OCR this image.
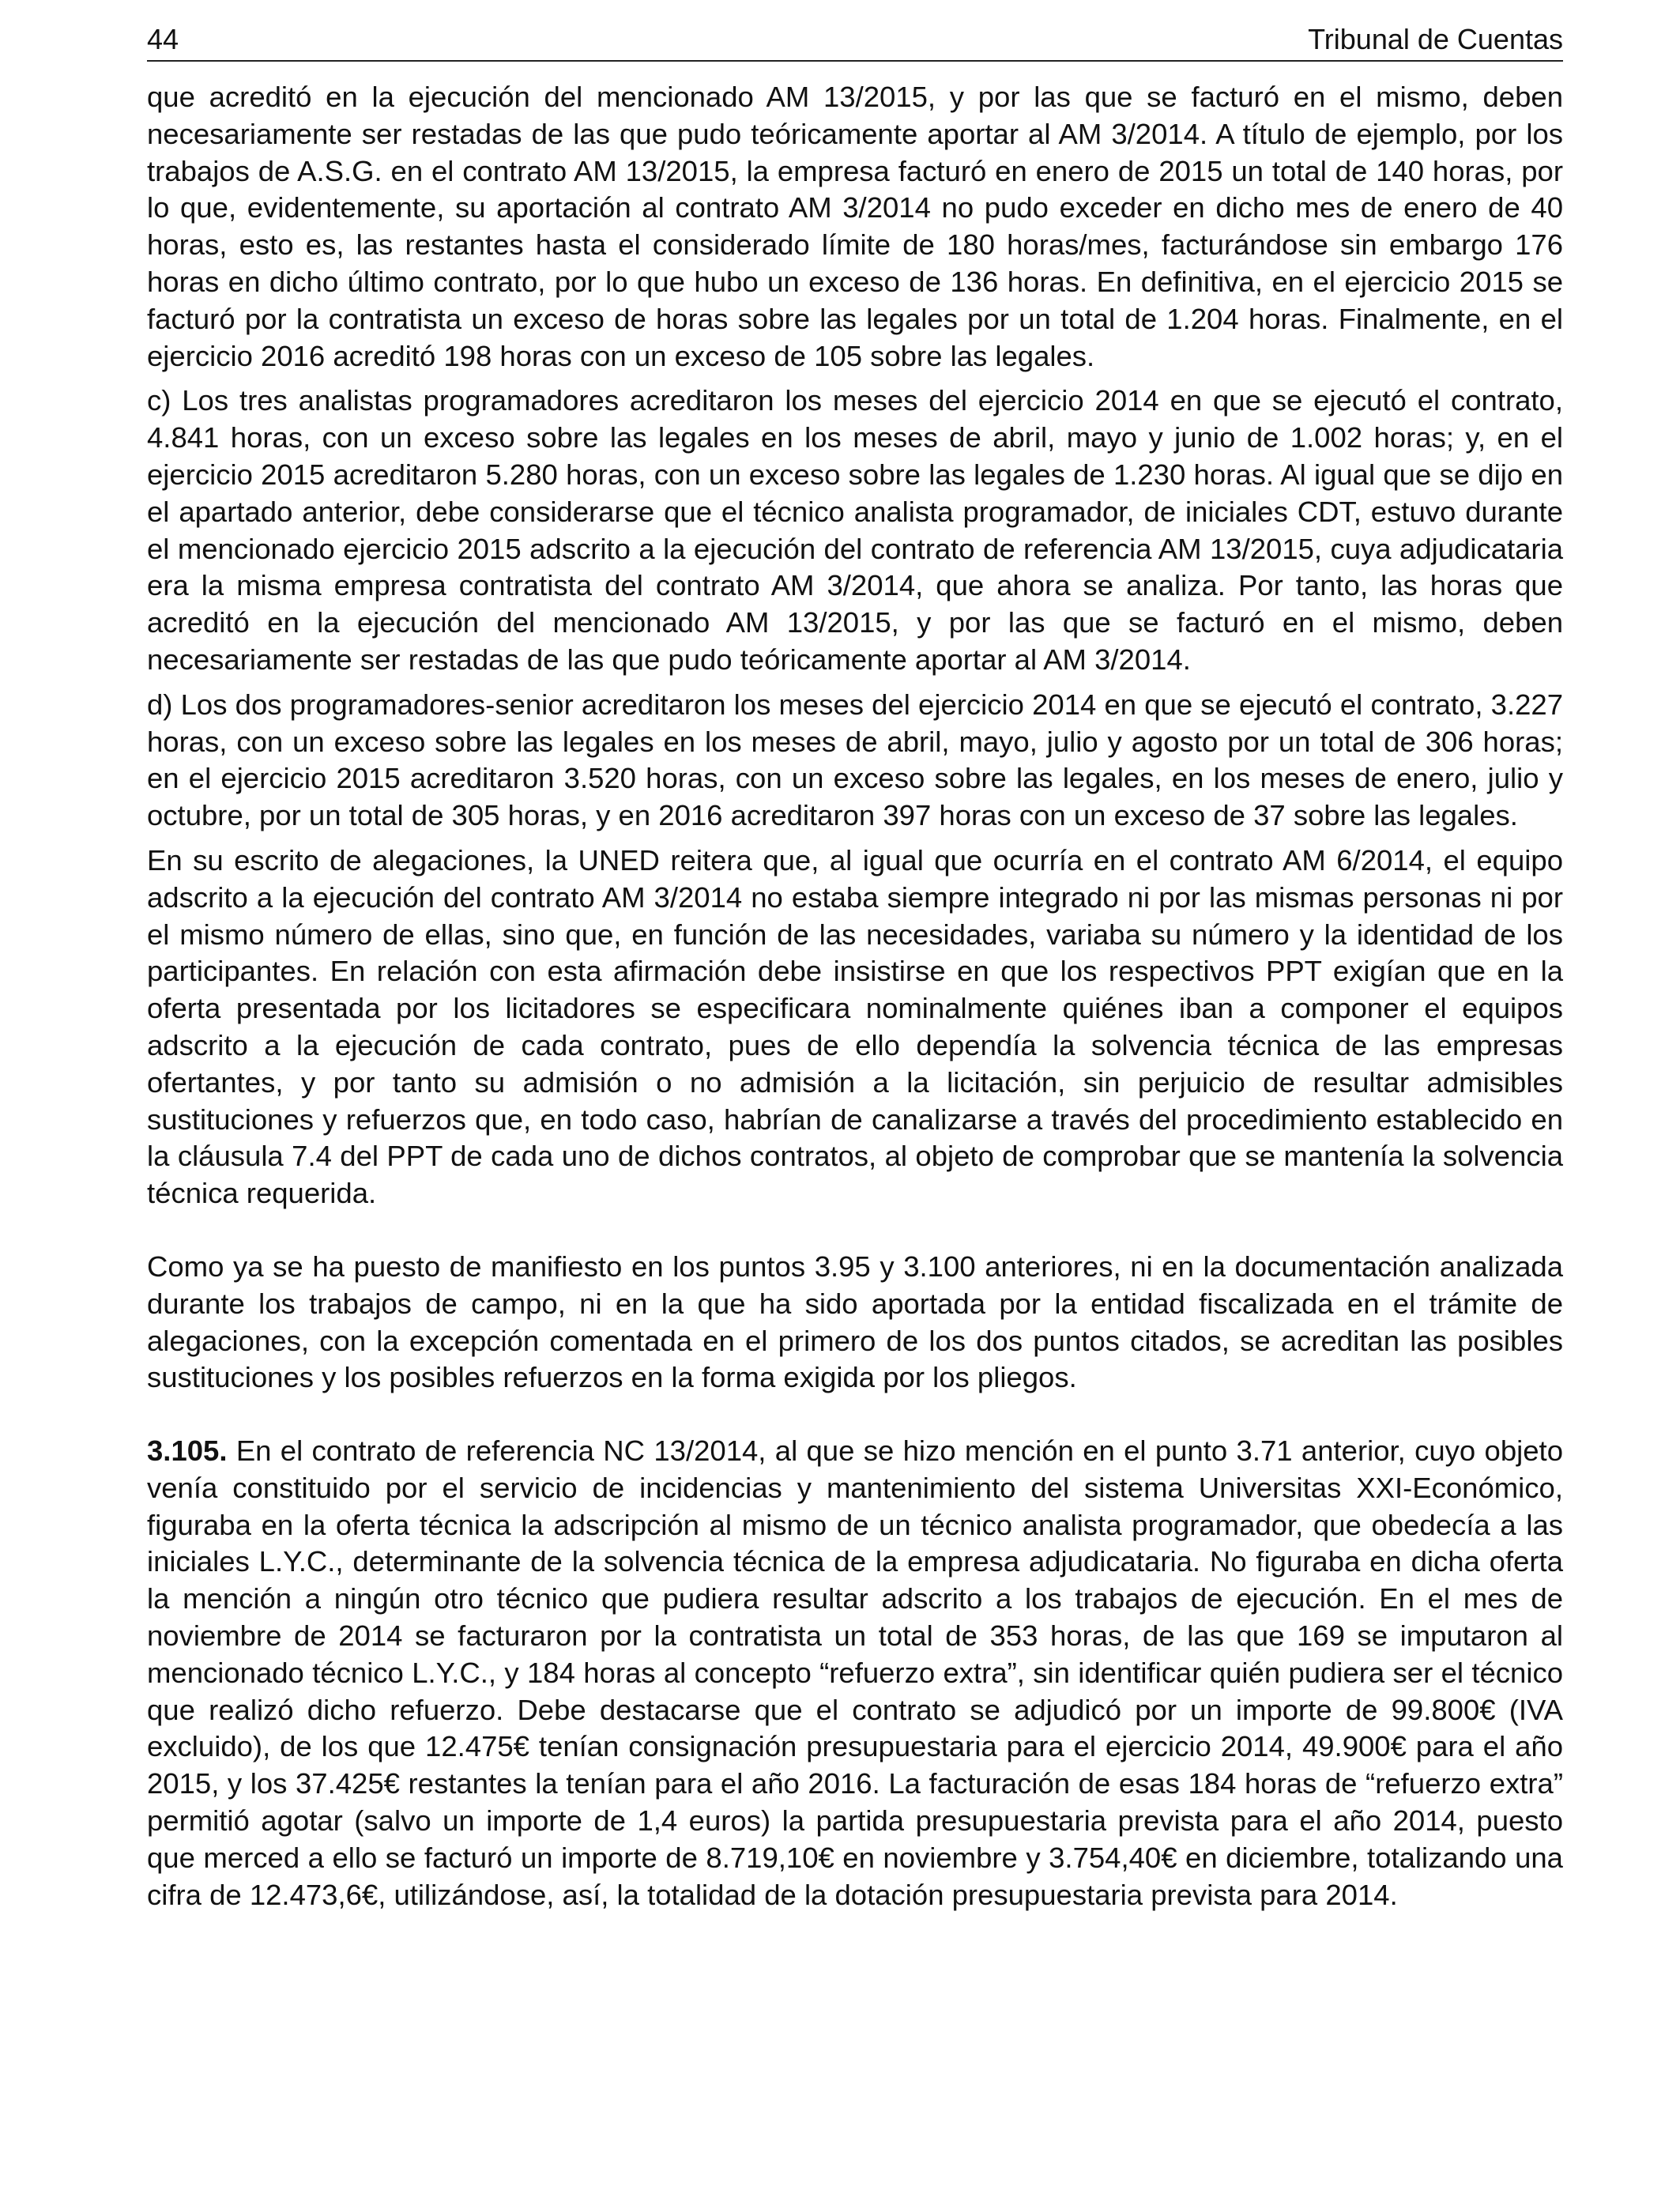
44	Tribunal de Cuentas

que acreditó en la ejecución del mencionado AM 13/2015, y por las que se facturó en el mismo, deben necesariamente ser restadas de las que pudo teóricamente aportar al AM 3/2014. A título de ejemplo, por los trabajos de A.S.G. en el contrato AM 13/2015, la empresa facturó en enero de 2015 un total de 140 horas, por lo que, evidentemente, su aportación al contrato AM 3/2014 no pudo exceder en dicho mes de enero de 40 horas, esto es, las restantes hasta el considerado límite de 180 horas/mes, facturándose sin embargo 176 horas en dicho último contrato, por lo que hubo un exceso de 136 horas. En definitiva, en el ejercicio 2015 se facturó por la contratista un exceso de horas sobre las legales por un total de 1.204 horas. Finalmente, en el ejercicio 2016 acreditó 198 horas con un exceso de 105 sobre las legales.

c) Los tres analistas programadores acreditaron los meses del ejercicio 2014 en que se ejecutó el contrato, 4.841 horas, con un exceso sobre las legales en los meses de abril, mayo y junio de 1.002 horas; y, en el ejercicio 2015 acreditaron 5.280 horas, con un exceso sobre las legales de 1.230 horas. Al igual que se dijo en el apartado anterior, debe considerarse que el técnico analista programador, de iniciales CDT, estuvo durante el mencionado ejercicio 2015 adscrito a la ejecución del contrato de referencia AM 13/2015, cuya adjudicataria era la misma empresa contratista del contrato AM 3/2014, que ahora se analiza. Por tanto, las horas que acreditó en la ejecución del mencionado AM 13/2015, y por las que se facturó en el mismo, deben necesariamente ser restadas de las que pudo teóricamente aportar al AM 3/2014.

d) Los dos programadores-senior acreditaron los meses del ejercicio 2014 en que se ejecutó el contrato, 3.227 horas, con un exceso sobre las legales en los meses de abril, mayo, julio y agosto por un total de 306 horas; en el ejercicio 2015 acreditaron 3.520 horas, con un exceso sobre las legales, en los meses de enero, julio y octubre, por un total de 305 horas, y en 2016 acreditaron 397 horas con un exceso de 37 sobre las legales.

En su escrito de alegaciones, la UNED reitera que, al igual que ocurría en el contrato AM 6/2014, el equipo adscrito a la ejecución del contrato AM 3/2014 no estaba siempre integrado ni por las mismas personas ni por el mismo número de ellas, sino que, en función de las necesidades, variaba su número y la identidad de los participantes. En relación con esta afirmación debe insistirse en que los respectivos PPT exigían que en la oferta presentada por los licitadores se especificara nominalmente quiénes iban a componer el equipos adscrito a la ejecución de cada contrato, pues de ello dependía la solvencia técnica de las empresas ofertantes, y por tanto su admisión o no admisión a la licitación, sin perjuicio de resultar admisibles sustituciones y refuerzos que, en todo caso, habrían de canalizarse a través del procedimiento establecido en la cláusula 7.4 del PPT de cada uno de dichos contratos, al objeto de comprobar que se mantenía la solvencia técnica requerida.

Como ya se ha puesto de manifiesto en los puntos 3.95 y 3.100 anteriores, ni en la documentación analizada durante los trabajos de campo, ni en la que ha sido aportada por la entidad fiscalizada en el trámite de alegaciones, con la excepción comentada en el primero de los dos puntos citados, se acreditan las posibles sustituciones y los posibles refuerzos en la forma exigida por los pliegos.

3.105. En el contrato de referencia NC 13/2014, al que se hizo mención en el punto 3.71 anterior, cuyo objeto venía constituido por el servicio de incidencias y mantenimiento del sistema Universitas XXI-Económico, figuraba en la oferta técnica la adscripción al mismo de un técnico analista programador, que obedecía a las iniciales L.Y.C., determinante de la solvencia técnica de la empresa adjudicataria. No figuraba en dicha oferta la mención a ningún otro técnico que pudiera resultar adscrito a los trabajos de ejecución. En el mes de noviembre de 2014 se facturaron por la contratista un total de 353 horas, de las que 169 se imputaron al mencionado técnico L.Y.C., y 184 horas al concepto “refuerzo extra”, sin identificar quién pudiera ser el técnico que realizó dicho refuerzo. Debe destacarse que el contrato se adjudicó por un importe de 99.800€ (IVA excluido), de los que 12.475€ tenían consignación presupuestaria para el ejercicio 2014, 49.900€ para el año 2015, y los 37.425€ restantes la tenían para el año 2016. La facturación de esas 184 horas de “refuerzo extra” permitió agotar (salvo un importe de 1,4 euros) la partida presupuestaria prevista para el año 2014, puesto que merced a ello se facturó un importe de 8.719,10€ en noviembre y 3.754,40€ en diciembre, totalizando una cifra de 12.473,6€, utilizándose, así, la totalidad de la dotación presupuestaria prevista para 2014.
